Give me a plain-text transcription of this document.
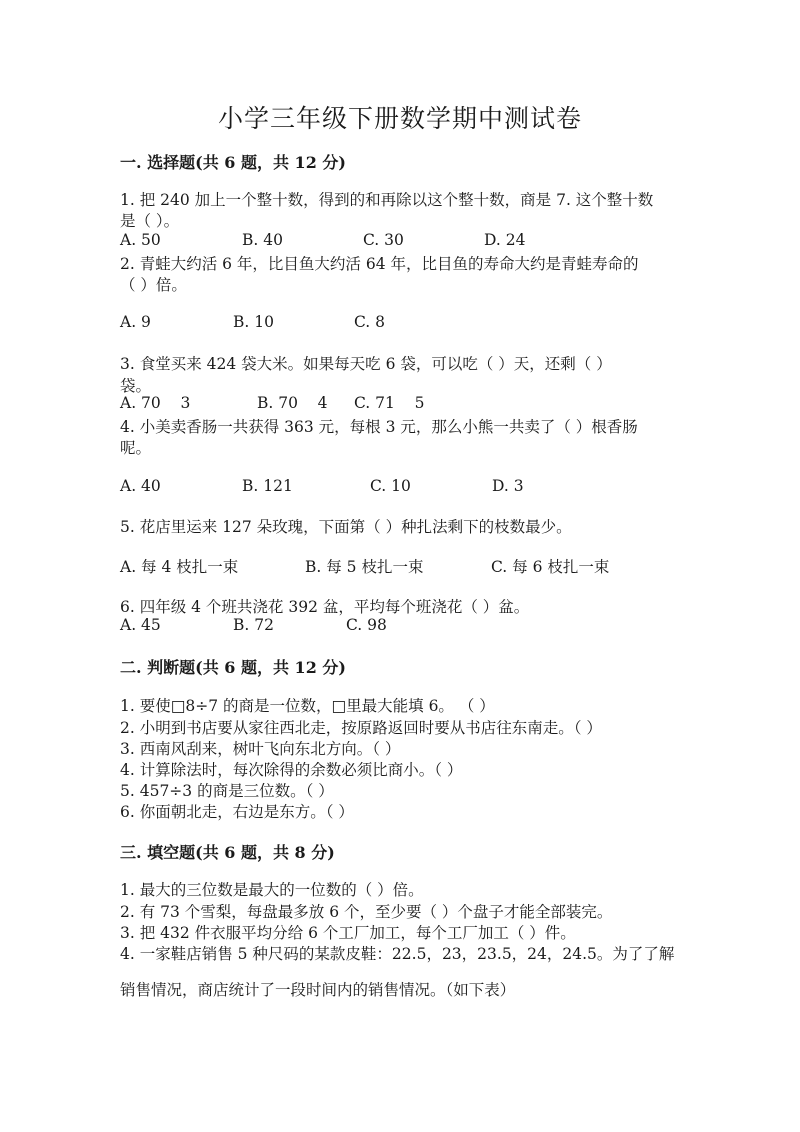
小学三年级下册数学期中测试卷
一. 选择题(共 6 题，共 12 分)
1. 把 240 加上一个整十数，得到的和再除以这个整十数，商是 7. 这个整十数
是（ ）。
A. 50	B. 40	C. 30	D. 24
2. 青蛙大约活 6 年，比目鱼大约活 64 年，比目鱼的寿命大约是青蛙寿命的
（ ）倍。
A. 9	B. 10	C. 8
3. 食堂买来 424 袋大米。如果每天吃 6 袋，可以吃（ ）天，还剩（ ）
袋。
A. 70    3	B. 70    4 C. 71    5
4. 小美卖香肠一共获得 363 元，每根 3 元，那么小熊一共卖了（ ）根香肠
呢。
A. 40	B. 121	C. 10	D. 3
5. 花店里运来 127 朵玫瑰，下面第（ ）种扎法剩下的枝数最少。
A. 每 4 枝扎一束	B. 每 5 枝扎一束	C. 每 6 枝扎一束
6. 四年级 4 个班共浇花 392 盆，平均每个班浇花（ ）盆。
A. 45	B. 72	C. 98
二. 判断题(共 6 题，共 12 分)
1. 要使□8÷7 的商是一位数，□里最大能填 6。 （ ）
2. 小明到书店要从家往西北走，按原路返回时要从书店往东南走。（ ）
3. 西南风刮来，树叶飞向东北方向。（ ）
4. 计算除法时，每次除得的余数必须比商小。（ ）
5. 457÷3 的商是三位数。（ ）
6. 你面朝北走，右边是东方。（ ）
三. 填空题(共 6 题，共 8 分)
1. 最大的三位数是最大的一位数的（ ）倍。
2. 有 73 个雪梨，每盘最多放 6 个，至少要（ ）个盘子才能全部装完。
3. 把 432 件衣服平均分给 6 个工厂加工，每个工厂加工（ ）件。
4. 一家鞋店销售 5 种尺码的某款皮鞋：22.5，23，23.5，24，24.5。为了了解
销售情况，商店统计了一段时间内的销售情况。（如下表）
